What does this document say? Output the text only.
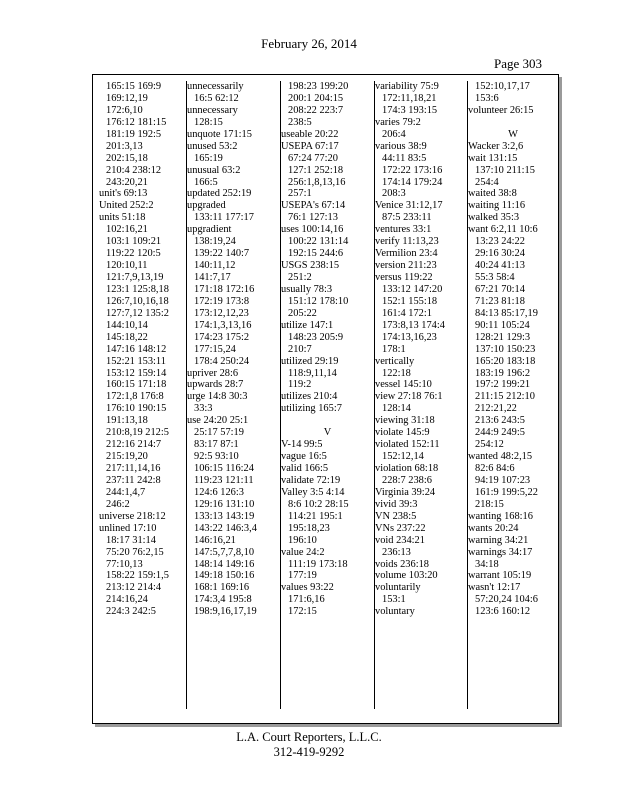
February 26, 2014
Page 303
165:15 169:9
169:12,19
172:6,10
176:12 181:15
181:19 192:5
201:3,13
202:15,18
210:4 238:12
243:20,21
unit's 69:13
United 252:2
units 51:18
102:16,21
103:1 109:21
119:22 120:5
120:10,11
121:7,9,13,19
123:1 125:8,18
126:7,10,16,18
127:7,12 135:2
144:10,14
145:18,22
147:16 148:12
152:21 153:11
153:12 159:14
160:15 171:18
172:1,8 176:8
176:10 190:15
191:13,18
210:8,19 212:5
212:16 214:7
215:19,20
217:11,14,16
237:11 242:8
244:1,4,7
246:2
universe 218:12
unlined 17:10
18:17 31:14
75:20 76:2,15
77:10,13
158:22 159:1,5
213:12 214:4
214:16,24
224:3 242:5
unnecessarily
16:5 62:12
unnecessary
128:15
unquote 171:15
unused 53:2
165:19
unusual 63:2
166:5
updated 252:19
upgraded
133:11 177:17
upgradient
138:19,24
139:22 140:7
140:11,12
141:7,17
171:18 172:16
172:19 173:8
173:12,12,23
174:1,3,13,16
174:23 175:2
177:15,24
178:4 250:24
upriver 28:6
upwards 28:7
urge 14:8 30:3
33:3
use 24:20 25:1
25:17 57:19
83:17 87:1
92:5 93:10
106:15 116:24
119:23 121:11
124:6 126:3
129:16 131:10
133:13 143:19
143:22 146:3,4
146:16,21
147:5,7,7,8,10
148:14 149:16
149:18 150:16
168:1 169:16
174:3,4 195:8
198:9,16,17,19
198:23 199:20
200:1 204:15
208:22 223:7
238:5
useable 20:22
USEPA 67:17
67:24 77:20
127:1 252:18
256:1,8,13,16
257:1
USEPA's 67:14
76:1 127:13
uses 100:14,16
100:22 131:14
192:15 244:6
USGS 238:15
251:2
usually 78:3
151:12 178:10
205:22
utilize 147:1
148:23 205:9
210:7
utilized 29:19
118:9,11,14
119:2
utilizes 210:4
utilizing 165:7
V
V-14 99:5
vague 16:5
valid 166:5
validate 72:19
Valley 3:5 4:14
8:6 10:2 28:15
114:21 195:1
195:18,23
196:10
value 24:2
111:19 173:18
177:19
values 93:22
171:6,16
172:15
variability 75:9
172:11,18,21
174:3 193:15
varies 79:2
206:4
various 38:9
44:11 83:5
172:22 173:16
174:14 179:24
208:3
Venice 31:12,17
87:5 233:11
ventures 33:1
verify 11:13,23
Vermilion 23:4
version 211:23
versus 119:22
133:12 147:20
152:1 155:18
161:4 172:1
173:8,13 174:4
174:13,16,23
178:1
vertically
122:18
vessel 145:10
view 27:18 76:1
128:14
viewing 31:18
violate 145:9
violated 152:11
152:12,14
violation 68:18
228:7 238:6
Virginia 39:24
vivid 39:3
VN 238:5
VNs 237:22
void 234:21
236:13
voids 236:18
volume 103:20
voluntarily
153:1
voluntary
152:10,17,17
153:6
volunteer 26:15
W
Wacker 3:2,6
wait 131:15
137:10 211:15
254:4
waited 38:8
waiting 11:16
walked 35:3
want 6:2,11 10:6
13:23 24:22
29:16 30:24
40:24 41:13
55:3 58:4
67:21 70:14
71:23 81:18
84:13 85:17,19
90:11 105:24
128:21 129:3
137:10 150:23
165:20 183:18
183:19 196:2
197:2 199:21
211:15 212:10
212:21,22
213:6 243:5
244:9 249:5
254:12
wanted 48:2,15
82:6 84:6
94:19 107:23
161:9 199:5,22
218:15
wanting 168:16
wants 20:24
warning 34:21
warnings 34:17
34:18
warrant 105:19
wasn't 12:17
57:20,24 104:6
123:6 160:12
L.A. Court Reporters, L.L.C.
312-419-9292
